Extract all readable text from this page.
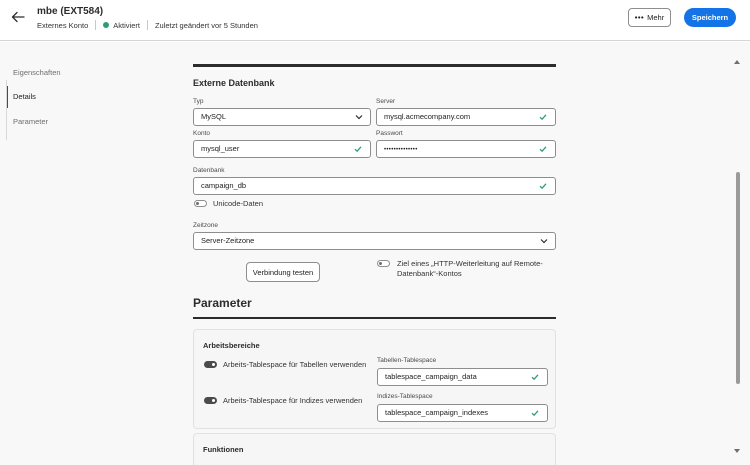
mbe (EXT584)
Externes Konto	Aktiviert Zuletzt geändert vor 5 Stunden
••• Mehr	Speichern
Eigenschaften
Details
Parameter
Externe Datenbank
Typ
MySQL
Server
mysql.acmecompany.com
Konto
mysql_user
Passwort
••••••••••••••
Datenbank
campaign_db
Unicode-Daten
Zeitzone
Server-Zeitzone
Verbindung testen
Ziel eines „HTTP-Weiterleitung auf Remote-Datenbank“-Kontos
Parameter
Arbeitsbereiche
Arbeits-Tablespace für Tabellen verwenden Tabellen-Tablespace
tablespace_campaign_data
Arbeits-Tablespace für Indizes verwenden Indizes-Tablespace
tablespace_campaign_indexes
Funktionen
